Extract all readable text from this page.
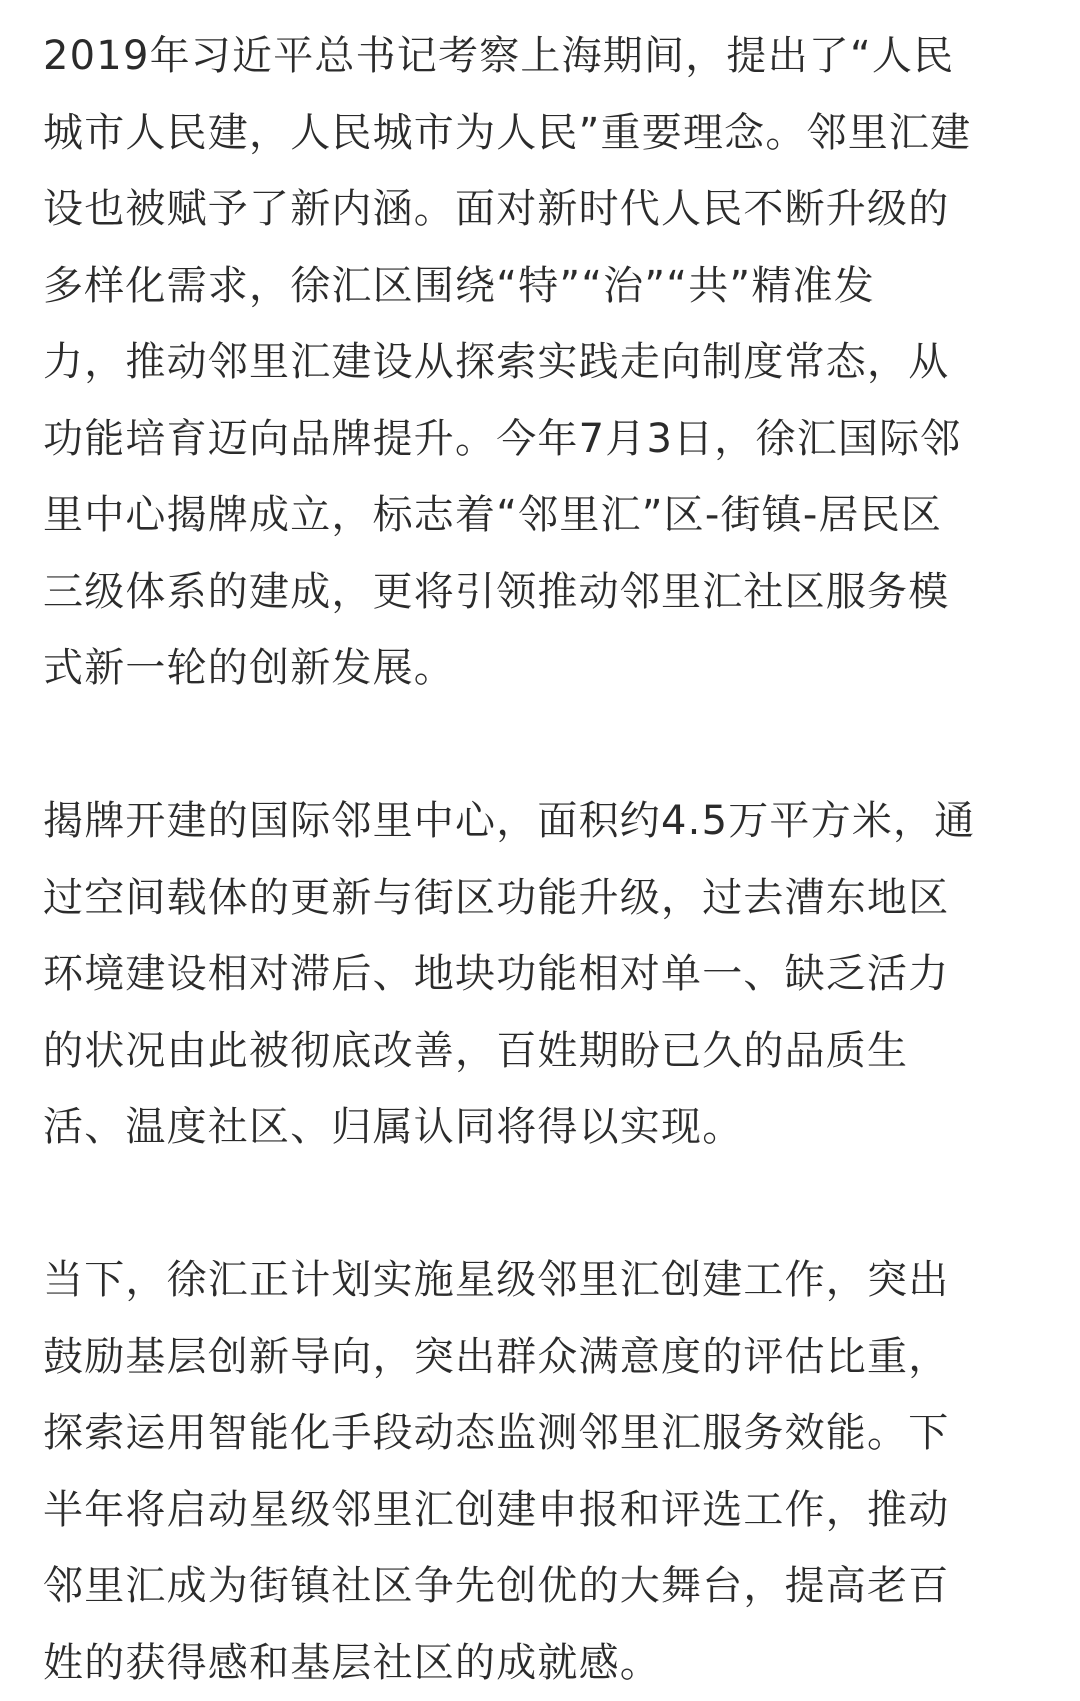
2019年习近平总书记考察上海期间，提出了“人民
城市人民建，人民城市为人民”重要理念。邻里汇建
设也被赋予了新内涵。面对新时代人民不断升级的
多样化需求，徐汇区围绕“特”“治”“共”精准发
力，推动邻里汇建设从探索实践走向制度常态，从
功能培育迈向品牌提升。今年7月3日，徐汇国际邻
里中心揭牌成立，标志着“邻里汇”区-街镇-居民区
三级体系的建成，更将引领推动邻里汇社区服务模
式新一轮的创新发展。
揭牌开建的国际邻里中心，面积约4.5万平方米，通
过空间载体的更新与街区功能升级，过去漕东地区
环境建设相对滞后、地块功能相对单一、缺乏活力
的状况由此被彻底改善，百姓期盼已久的品质生
活、温度社区、归属认同将得以实现。
当下，徐汇正计划实施星级邻里汇创建工作，突出
鼓励基层创新导向，突出群众满意度的评估比重，
探索运用智能化手段动态监测邻里汇服务效能。下
半年将启动星级邻里汇创建申报和评选工作，推动
邻里汇成为街镇社区争先创优的大舞台，提高老百
姓的获得感和基层社区的成就感。
